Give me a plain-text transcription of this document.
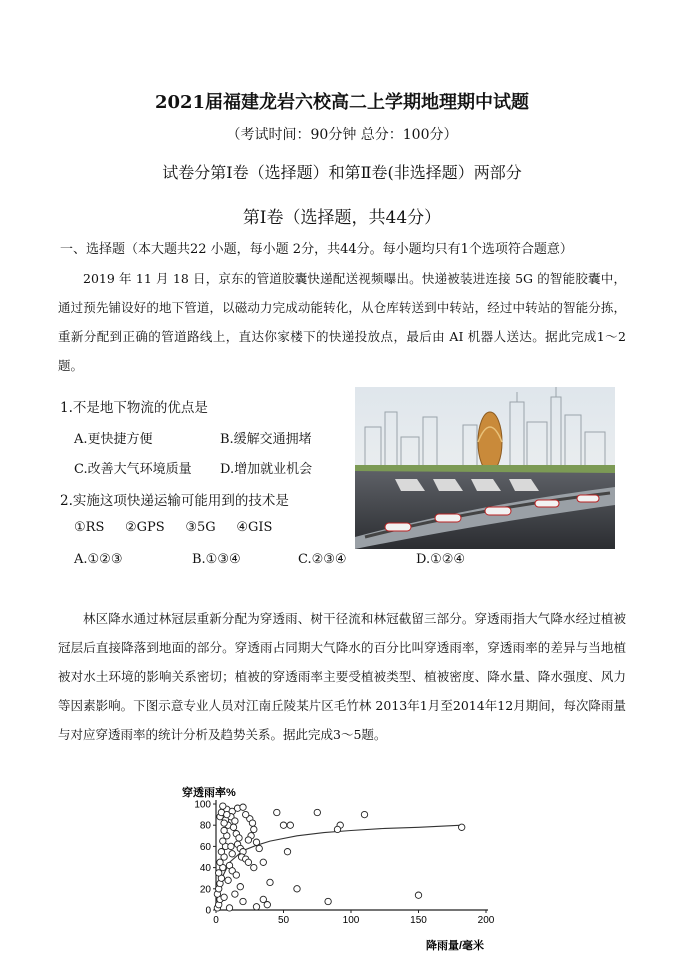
2021届福建龙岩六校高二上学期地理期中试题
（考试时间：90分钟 总分：100分）
试卷分第Ⅰ卷（选择题）和第Ⅱ卷(非选择题）两部分
第Ⅰ卷（选择题，共44分）
一、选择题（本大题共22 小题，每小题 2分，共44分。每小题均只有1个选项符合题意）

2019 年 11 月 18 日，京东的管道胶囊快递配送视频曝出。快递被装进连接 5G 的智能胶囊中，通过预先铺设好的地下管道，以磁动力完成动能转化，从仓库转送到中转站，经过中转站的智能分拣，重新分配到正确的管道路线上，直达你家楼下的快递投放点，最后由 AI 机器人送达。据此完成1～2题。

1.不是地下物流的优点是
A.更快捷方便	B.缓解交通拥堵
C.改善大气环境质量 D.增加就业机会
2.实施这项快递运输可能用到的技术是
①RS     ②GPS     ③5G     ④GIS
A.①②③	B.①③④	C.②③④	D.①②④

林区降水通过林冠层重新分配为穿透雨、树干径流和林冠截留三部分。穿透雨指大气降水经过植被冠层后直接降落到地面的部分。穿透雨占同期大气降水的百分比叫穿透雨率，穿透雨率的差异与当地植被对水土环境的影响关系密切；植被的穿透雨率主要受植被类型、植被密度、降水量、降水强度、风力等因素影响。下图示意专业人员对江南丘陵某片区毛竹林 2013年1月至2014年12月期间，每次降雨量与对应穿透雨率的统计分析及趋势关系。据此完成3～5题。

穿透雨率%
降雨量/毫米
0	50	100	150	200
0
20
40
60
80
100
